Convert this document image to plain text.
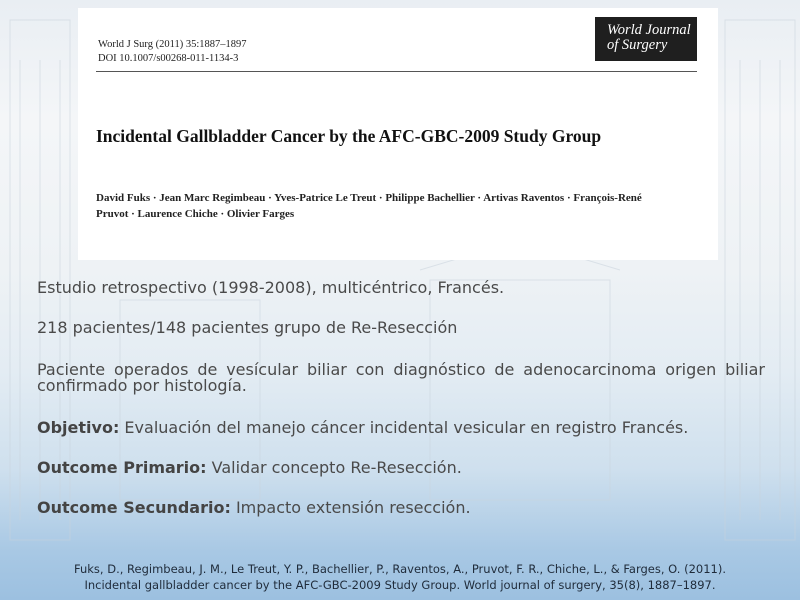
World J Surg (2011) 35:1887–1897
DOI 10.1007/s00268-011-1134-3
World Journal
of Surgery
Incidental Gallbladder Cancer by the AFC-GBC-2009 Study Group
David Fuks · Jean Marc Regimbeau · Yves-Patrice Le Treut · Philippe Bachellier · Artivas Raventos · François-René Pruvot · Laurence Chiche · Olivier Farges
Estudio retrospectivo (1998-2008), multicéntrico, Francés.
218 pacientes/148 pacientes grupo de Re-Resección
Paciente operados de vesícular biliar con diagnóstico de adenocarcinoma origen biliar confirmado por histología.
Objetivo: Evaluación del manejo cáncer incidental vesicular en registro Francés.
Outcome Primario: Validar concepto Re-Resección.
Outcome Secundario: Impacto extensión resección.
Fuks, D., Regimbeau, J. M., Le Treut, Y. P., Bachellier, P., Raventos, A., Pruvot, F. R., Chiche, L., & Farges, O. (2011).
Incidental gallbladder cancer by the AFC-GBC-2009 Study Group. World journal of surgery, 35(8), 1887–1897.
